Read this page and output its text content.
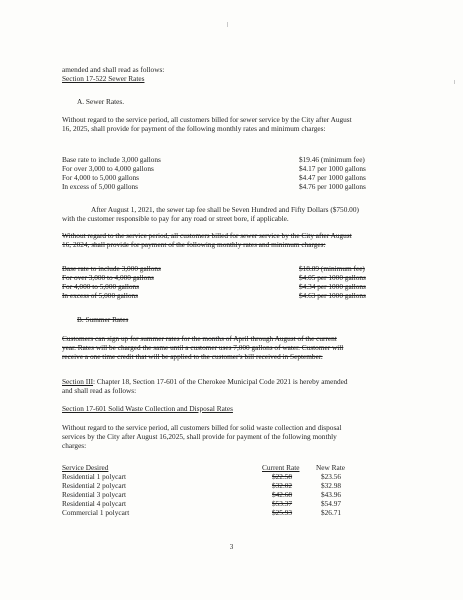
amended and shall read as follows:
Section 17-522 Sewer Rates
A. Sewer Rates.
Without regard to the service period, all customers billed for sewer service by the City after August
16, 2025, shall provide for payment of the following monthly rates and minimum charges:
Base rate to include 3,000 gallons	$19.46 (minimum fee)
For over 3,000 to 4,000 gallons	$4.17 per 1000 gallons
For 4,000 to 5,000 gallons	$4.47 per 1000 gallons
In excess of 5,000 gallons	$4.76 per 1000 gallons
After August 1, 2021, the sewer tap fee shall be Seven Hundred and Fifty Dollars ($750.00)
with the customer responsible to pay for any road or street bore, if applicable.
Without regard to the service period, all customers billed for sewer service by the City after August
16, 2024, shall provide for payment of the following monthly rates and minimum charges:
Base rate to include 3,000 gallons	$18.89 (minimum fee)
For over 3,000 to 4,000 gallons	$4.05 per 1000 gallons
For 4,000 to 5,000 gallons	$4.34 per 1000 gallons
In excess of 5,000 gallons	$4.63 per 1000 gallons
B. Summer Rates
Customers can sign up for summer rates for the months of April through August of the current
year. Rates will be charged the same until a customer uses 7,000 gallons of water. Customer will
receive a one time credit that will be applied to the customer's bill received in September.
Section III: Chapter 18, Section 17-601 of the Cherokee Municipal Code 2021 is hereby amended
and shall read as follows:
Section 17-601 Solid Waste Collection and Disposal Rates
Without regard to the service period, all customers billed for solid waste collection and disposal
services by the City after August 16,2025, shall provide for payment of the following monthly
charges:
Service Desired	Current Rate New Rate
Residential 1 polycart	$22.58	$23.56
Residential 2 polycart	$32.02	$32.98
Residential 3 polycart	$42.68	$43.96
Residential 4 polycart	$53.37	$54.97
Commercial 1 polycart	$25.93	$26.71
3
